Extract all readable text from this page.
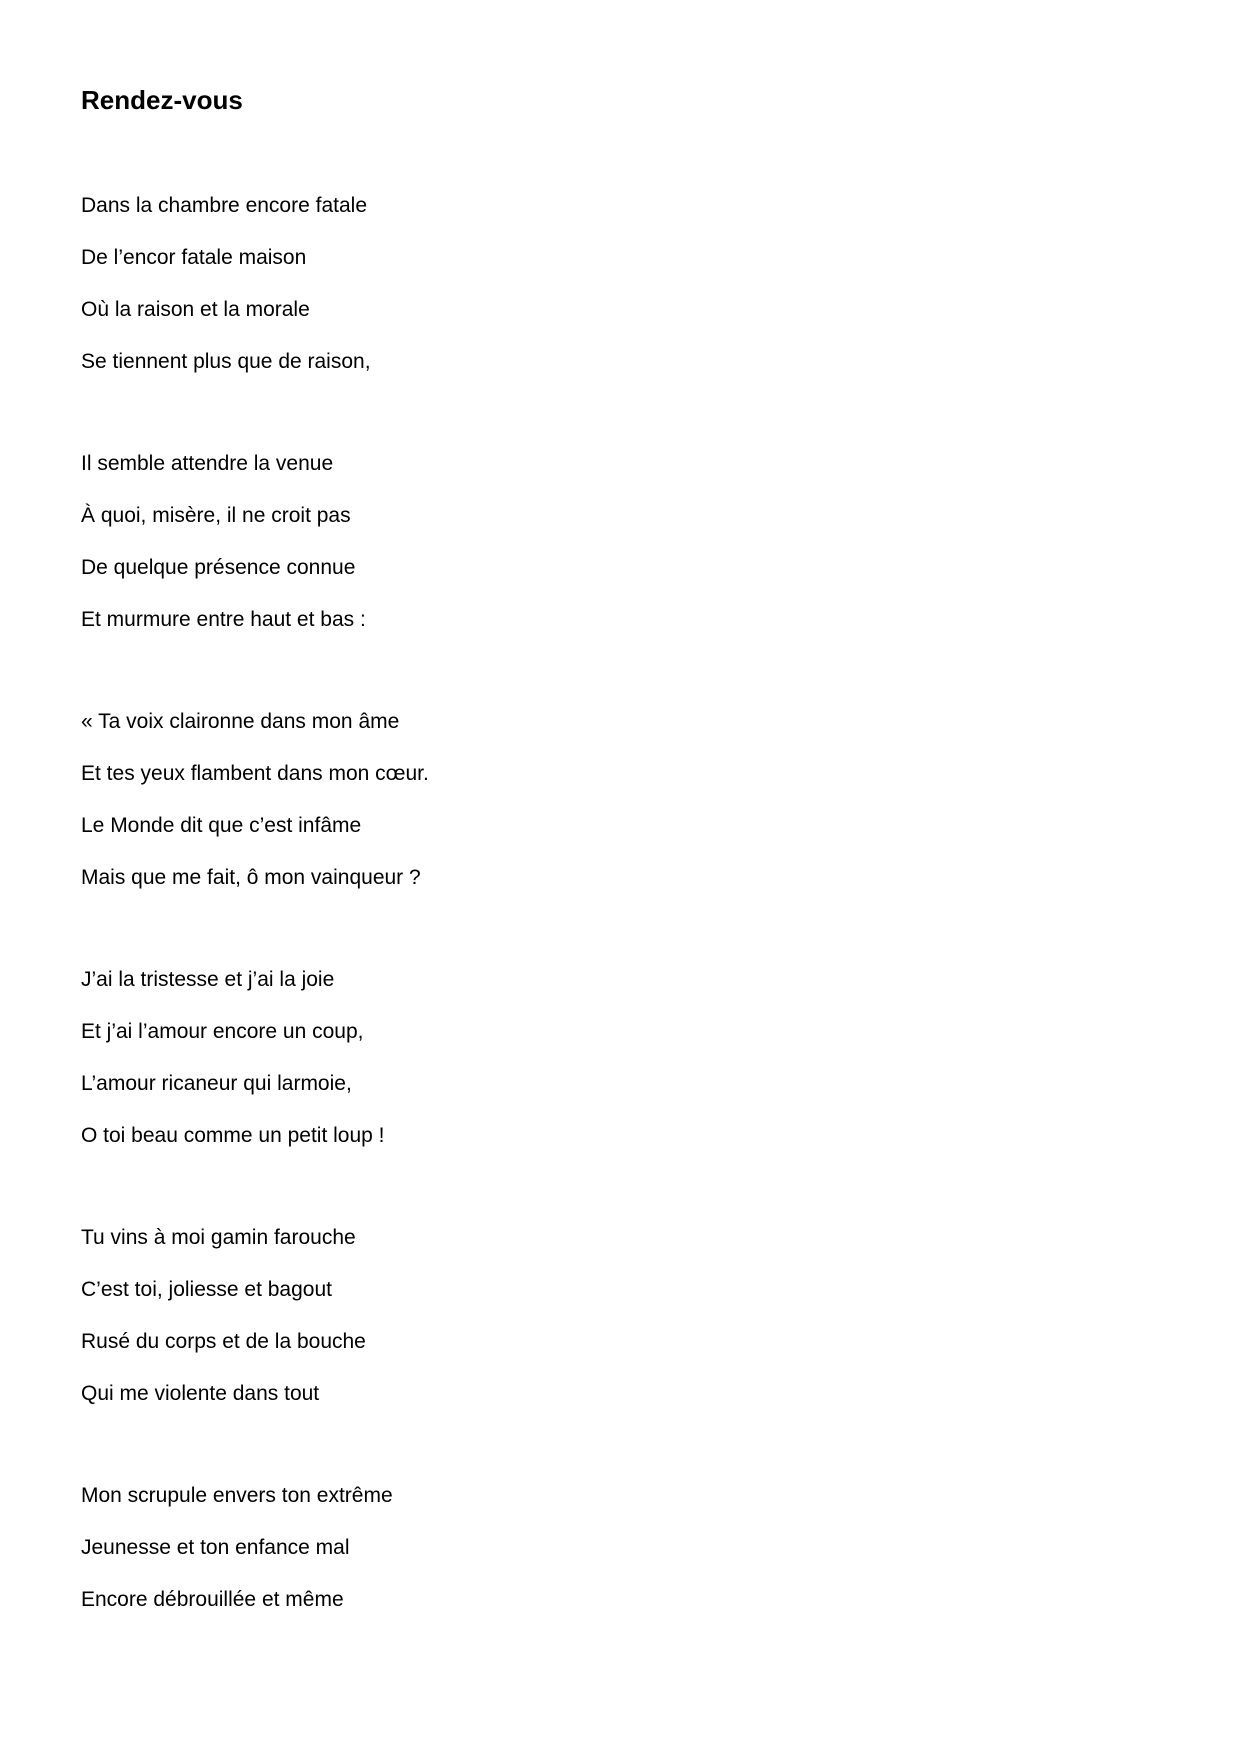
Rendez-vous
Dans la chambre encore fatale
De l’encor fatale maison
Où la raison et la morale
Se tiennent plus que de raison,
Il semble attendre la venue
À quoi, misère, il ne croit pas
De quelque présence connue
Et murmure entre haut et bas :
« Ta voix claironne dans mon âme
Et tes yeux flambent dans mon cœur.
Le Monde dit que c’est infâme
Mais que me fait, ô mon vainqueur ?
J’ai la tristesse et j’ai la joie
Et j’ai l’amour encore un coup,
L’amour ricaneur qui larmoie,
O toi beau comme un petit loup !
Tu vins à moi gamin farouche
C’est toi, joliesse et bagout
Rusé du corps et de la bouche
Qui me violente dans tout
Mon scrupule envers ton extrême
Jeunesse et ton enfance mal
Encore débrouillée et même
